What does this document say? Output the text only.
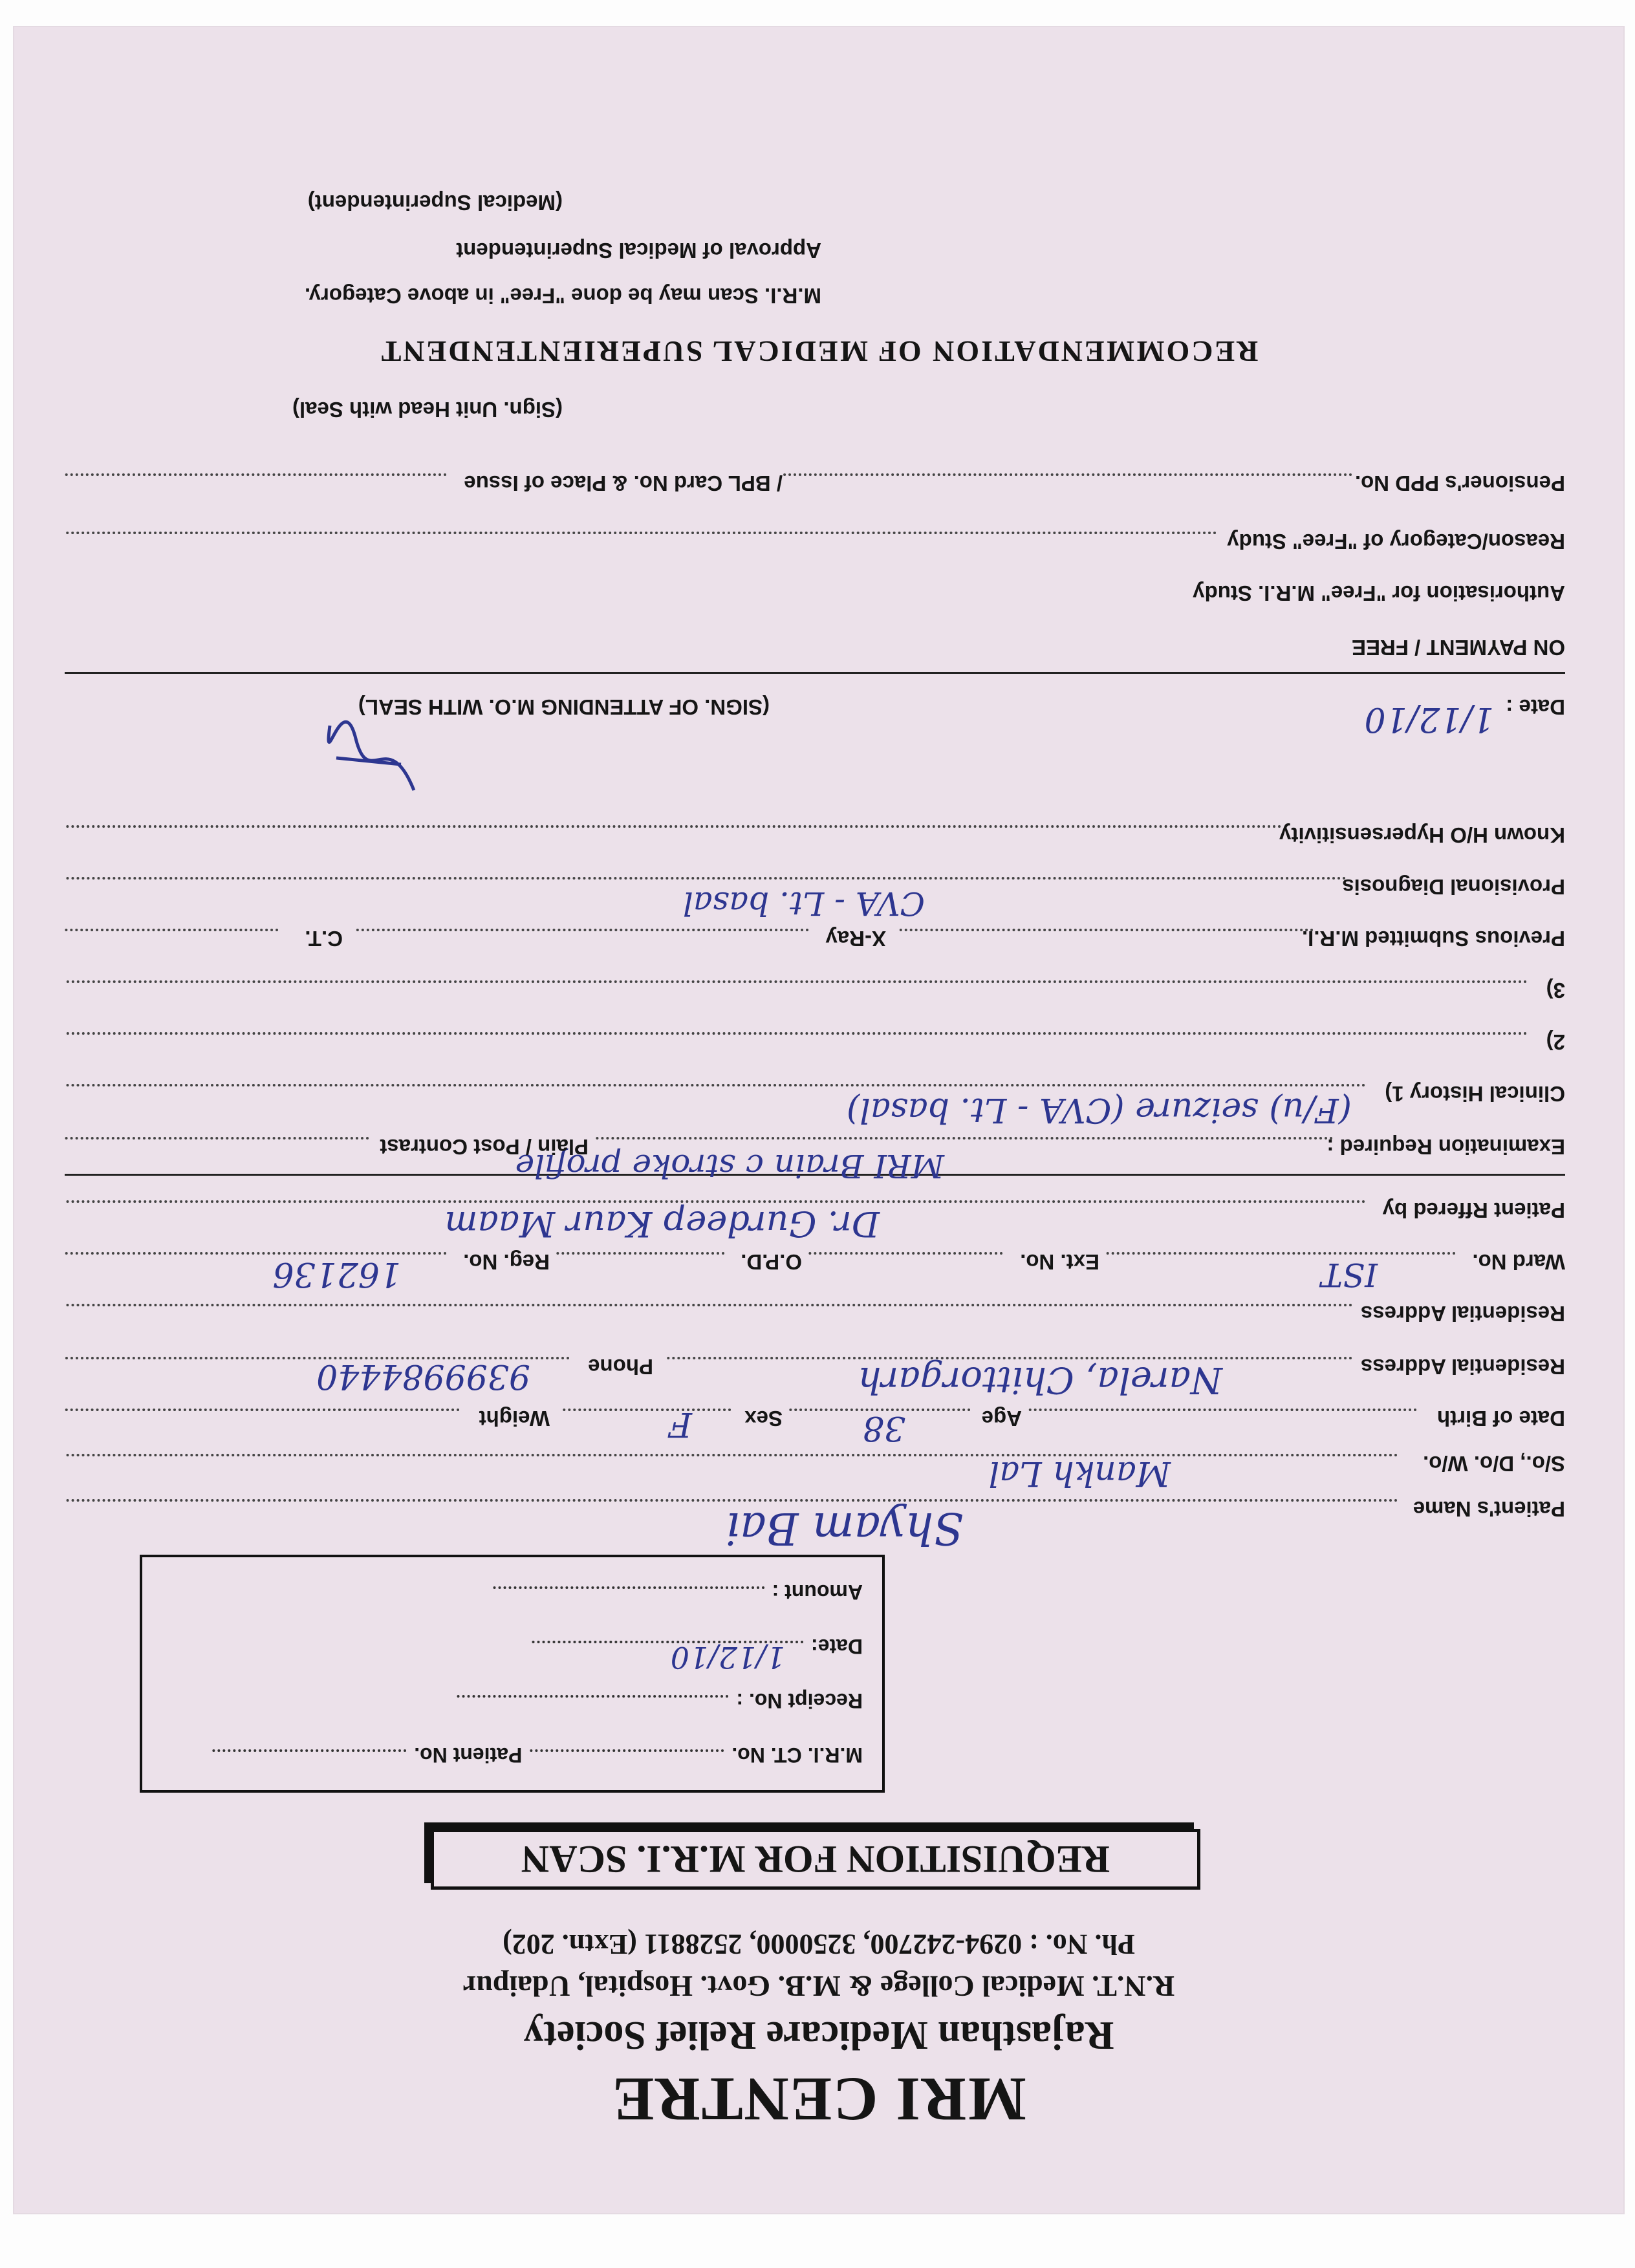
MRI CENTRE
Rajasthan Medicare Relief Society
R.N.T. Medical College & M.B. Govt. Hospital, Udaipur
Ph. No. : 0294-242700, 3250000, 2528811 (Extn. 202)
REQUISITION FOR M.R.I. SCAN
M.R.I. CT. No.
Patient No.
Receipt No. :
Date:
1/12/10
Amount :
Patient's Name
Shyam Bai
S/o., D/o. W/o.
Mankh Lal
Date of Birth
Age
38
Sex
F
Weight
Residential Address
Narela, Chittorgarh
Phone
9399984440
Residential Address
Ward No.
IST
Ext. No.
O.P.D.
Reg. No.
162136
Patient Rffered by
Dr. Gurdeep Kaur Maam
Examination Required :
MRI Brain c stroke profile
Plain / Post Contrast
Clinical History 1)
(F/u) seizure (CVA - Lt. basal)
2)
3)
Previous Submitted M.R.I.
X-Ray
C.T.
Provisional Diagnosis
CVA - Lt. basal
Known H/O Hypersensitivity
Date :
1/12/10
(SIGN. OF ATTENDING M.O. WITH SEAL)
ON PAYMENT / FREE
Authorisation for "Free" M.R.I. Study
Reason/Category of "Free" Study
Pensioner's PPD No.
/ BPL Card No. & Place of Issue
(Sign. Unit Head with Seal)
RECOMMENDATION OF MEDICAL SUPERIENTENDENT
M.R.I. Scan may be done "Free" in above Category.
Approval of Medical Superintendent
(Medical Superintendent)
